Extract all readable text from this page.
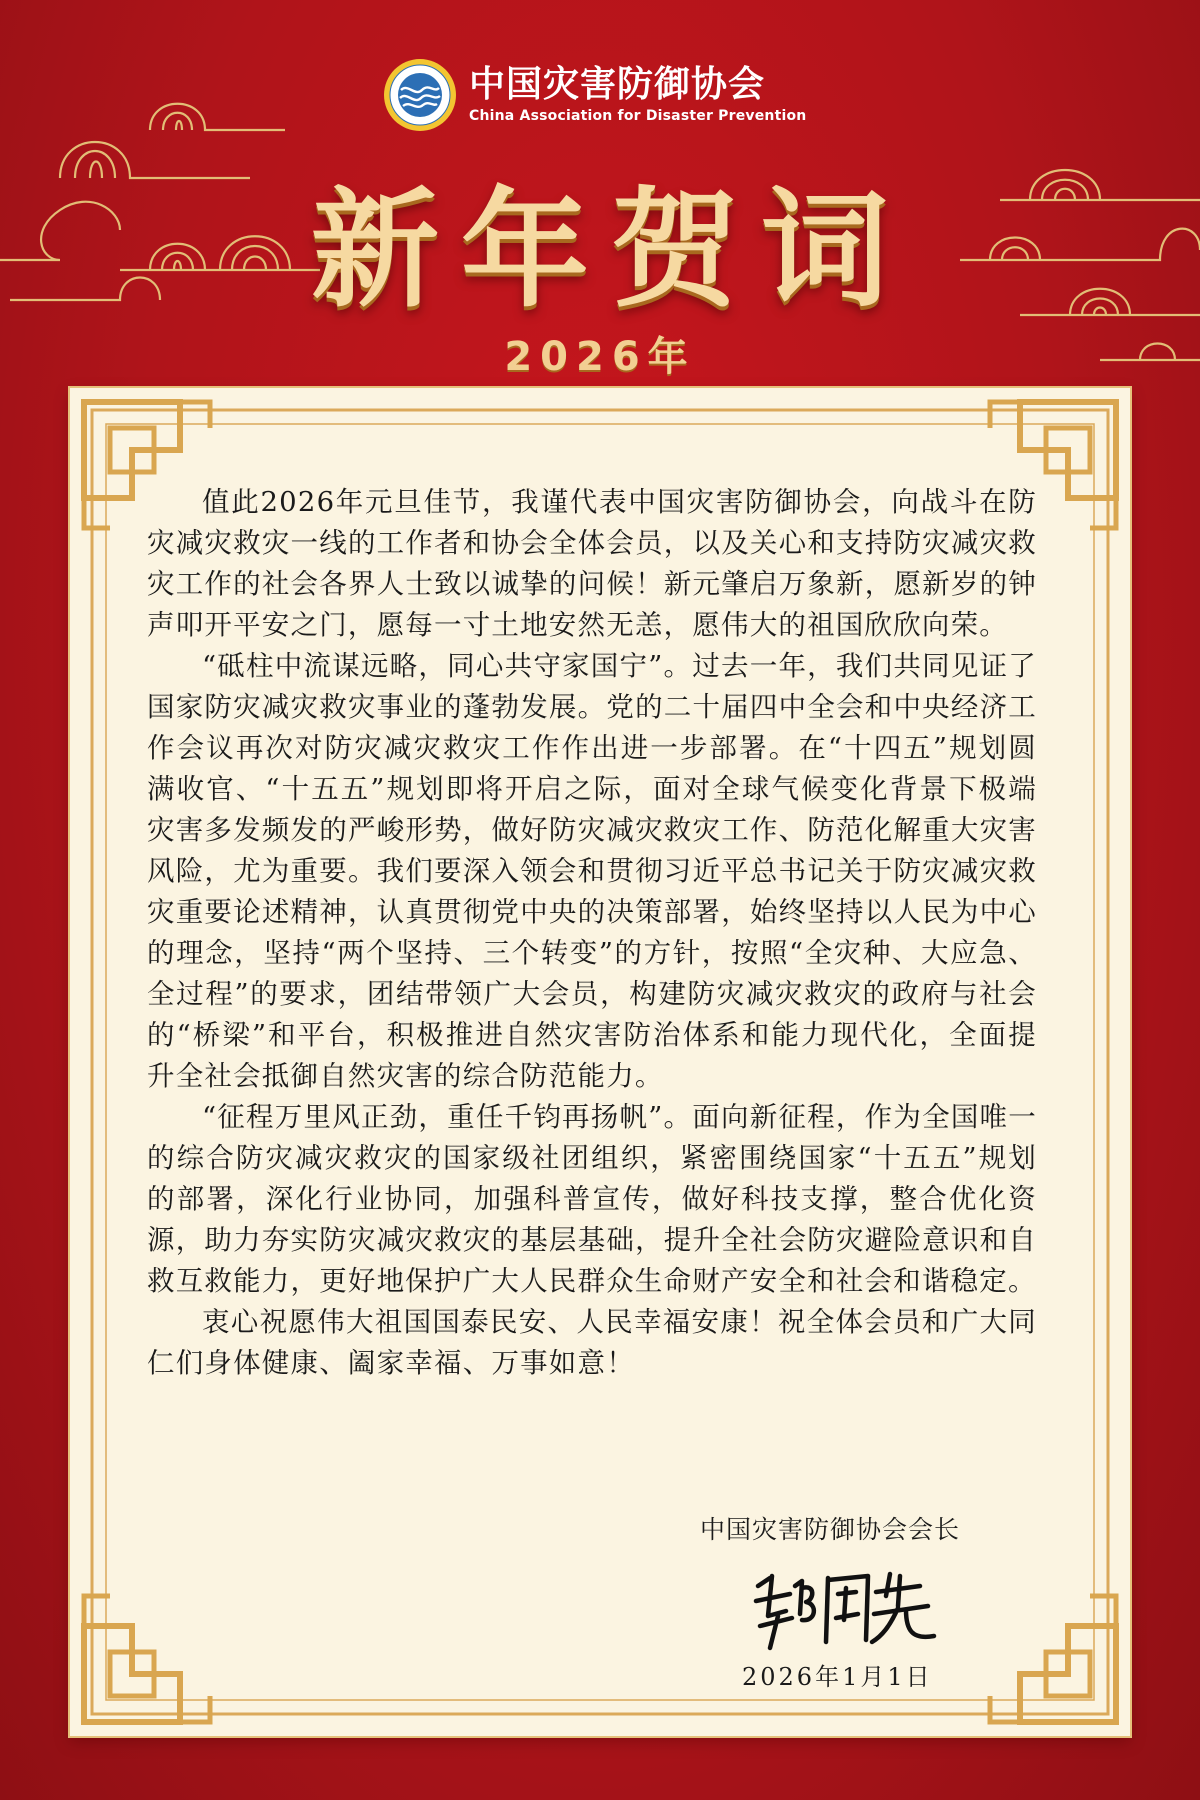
中国灾害防御协会
China Association for Disaster Prevention
新年贺词
2026年

值此2026年元旦佳节，我谨代表中国灾害防御协会，向战斗在防灾减灾救灾一线的工作者和协会全体会员，以及关心和支持防灾减灾救灾工作的社会各界人士致以诚挚的问候！新元肇启万象新，愿新岁的钟声叩开平安之门，愿每一寸土地安然无恙，愿伟大的祖国欣欣向荣。

“砥柱中流谋远略，同心共守家国宁”。过去一年，我们共同见证了国家防灾减灾救灾事业的蓬勃发展。党的二十届四中全会和中央经济工作会议再次对防灾减灾救灾工作作出进一步部署。在“十四五”规划圆满收官、“十五五”规划即将开启之际，面对全球气候变化背景下极端灾害多发频发的严峻形势，做好防灾减灾救灾工作、防范化解重大灾害风险，尤为重要。我们要深入领会和贯彻习近平总书记关于防灾减灾救灾重要论述精神，认真贯彻党中央的决策部署，始终坚持以人民为中心的理念，坚持“两个坚持、三个转变”的方针，按照“全灾种、大应急、全过程”的要求，团结带领广大会员，构建防灾减灾救灾的政府与社会的“桥梁”和平台，积极推进自然灾害防治体系和能力现代化，全面提升全社会抵御自然灾害的综合防范能力。

“征程万里风正劲，重任千钧再扬帆”。面向新征程，作为全国唯一的综合防灾减灾救灾的国家级社团组织，紧密围绕国家“十五五”规划的部署，深化行业协同，加强科普宣传，做好科技支撑，整合优化资源，助力夯实防灾减灾救灾的基层基础，提升全社会防灾避险意识和自救互救能力，更好地保护广大人民群众生命财产安全和社会和谐稳定。

衷心祝愿伟大祖国国泰民安、人民幸福安康！祝全体会员和广大同仁们身体健康、阖家幸福、万事如意！

中国灾害防御协会会长
2026年1月1日
